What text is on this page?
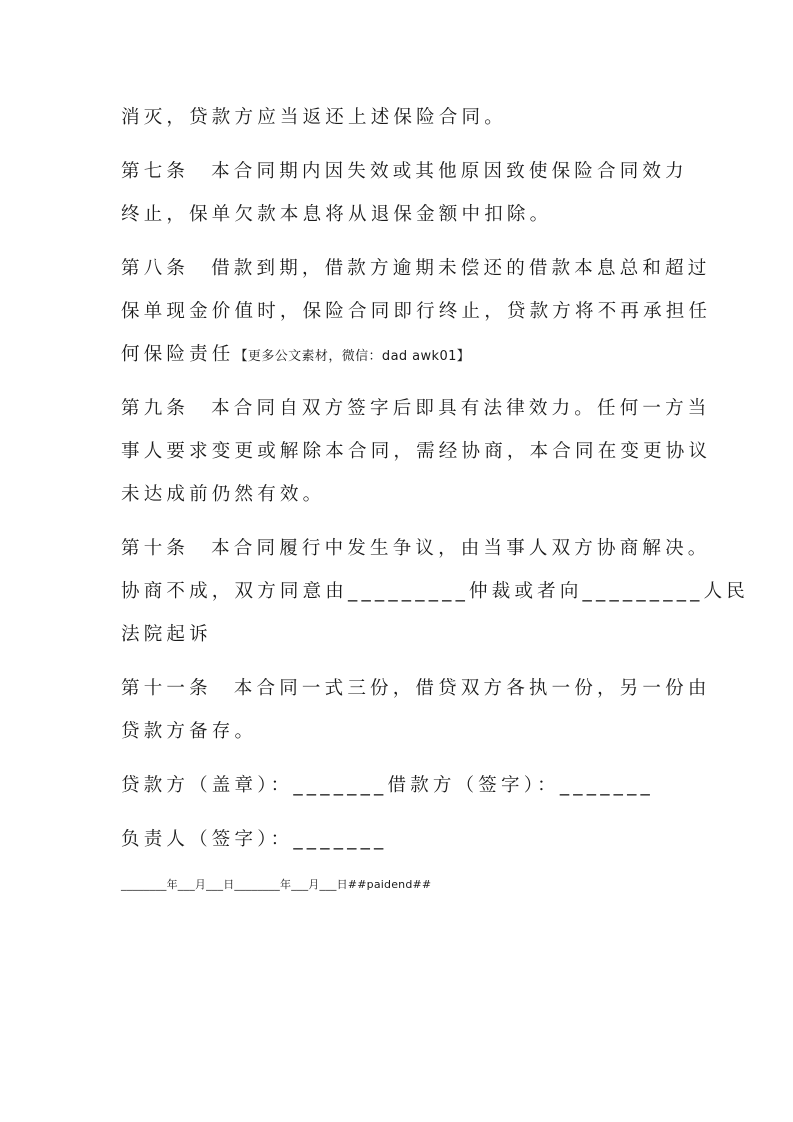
消灭，贷款方应当返还上述保险合同。
第七条 本合同期内因失效或其他原因致使保险合同效力
终止，保单欠款本息将从退保金额中扣除。
第八条 借款到期，借款方逾期未偿还的借款本息总和超过
保单现金价值时，保险合同即行终止，贷款方将不再承担任
何保险责任【更多公文素材，微信：dad awk01】
第九条 本合同自双方签字后即具有法律效力。任何一方当
事人要求变更或解除本合同，需经协商，本合同在变更协议
未达成前仍然有效。
第十条 本合同履行中发生争议，由当事人双方协商解决。
协商不成，双方同意由_________仲裁或者向_________人民
法院起诉
第十一条 本合同一式三份，借贷双方各执一份，另一份由
贷款方备存。
贷款方（盖章）：_______借款方（签字）：_______
负责人（签字）：_______
________年___月___日________年___月___日##paidend##
